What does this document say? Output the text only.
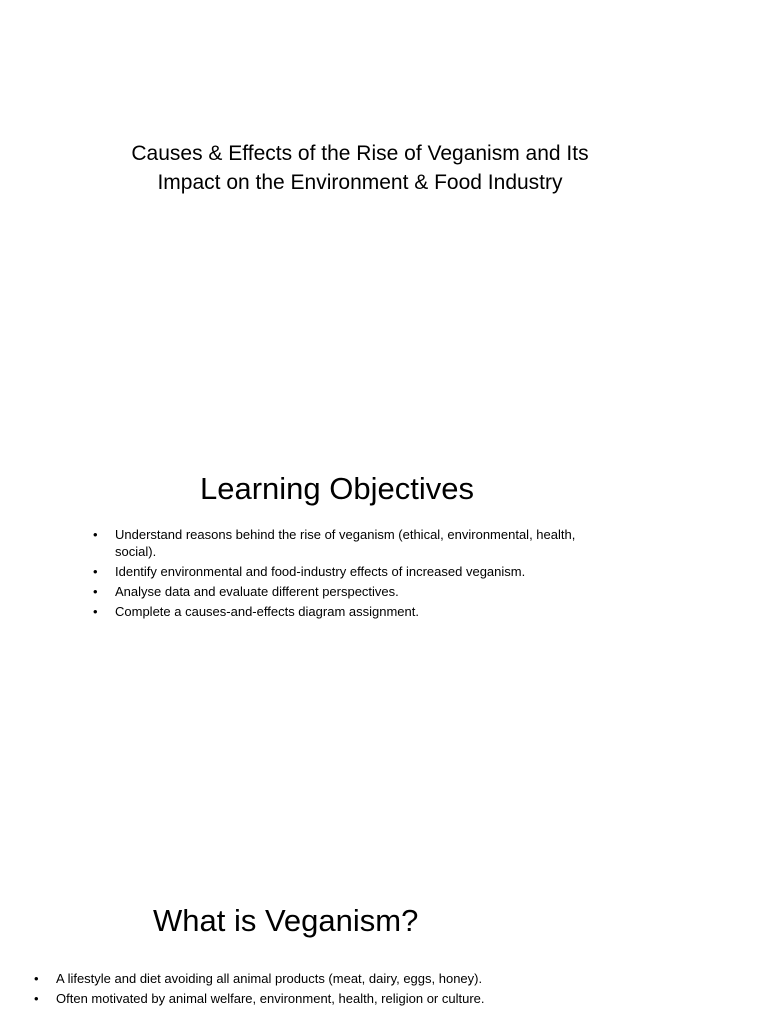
Causes & Effects of the Rise of Veganism and Its Impact on the Environment & Food Industry
Learning Objectives
• Understand reasons behind the rise of veganism (ethical, environmental, health, social).
• Identify environmental and food-industry effects of increased veganism.
• Analyse data and evaluate different perspectives.
• Complete a causes-and-effects diagram assignment.
What is Veganism?
• A lifestyle and diet avoiding all animal products (meat, dairy, eggs, honey).
• Often motivated by animal welfare, environment, health, religion or culture.
